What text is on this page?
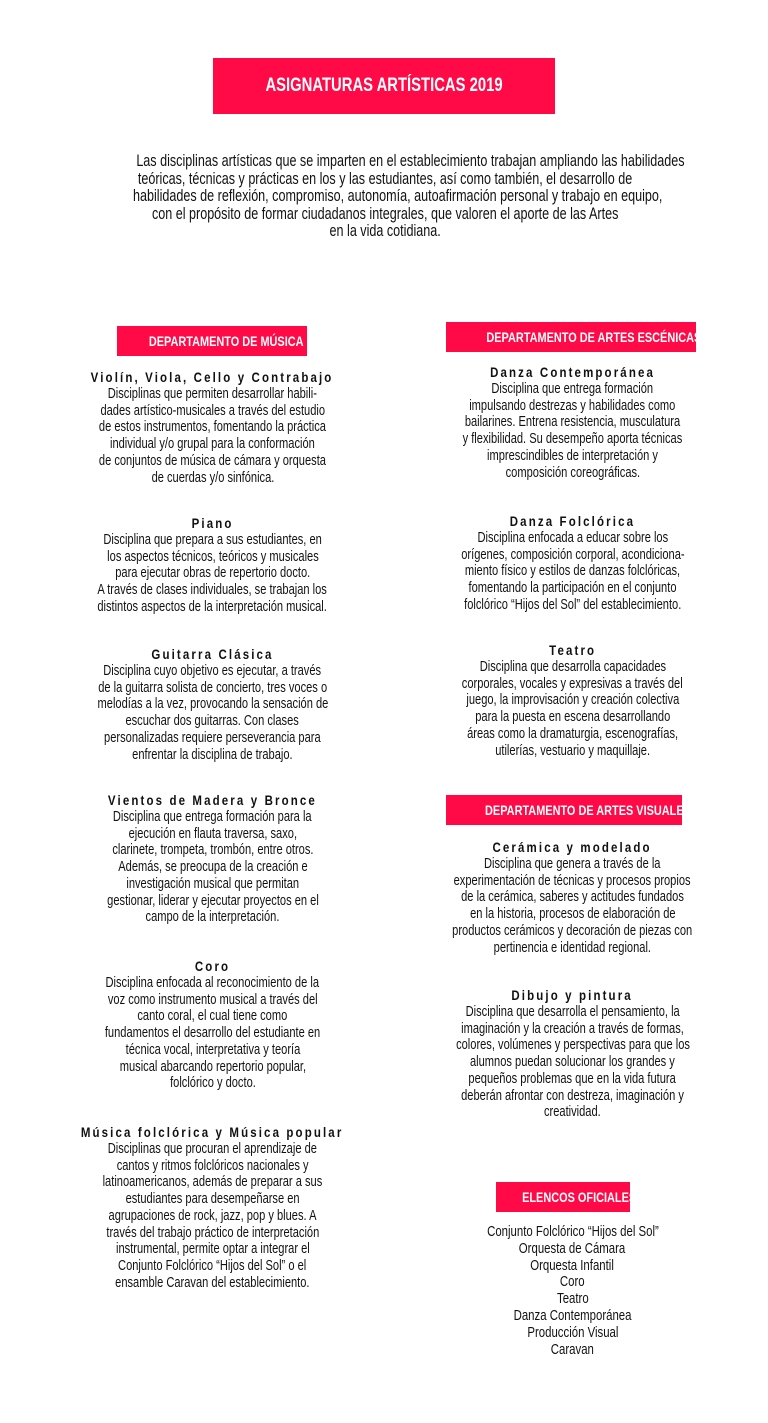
ASIGNATURAS ARTÍSTICAS 2019
Las disciplinas artísticas que se imparten en el establecimiento trabajan ampliando las habilidades
teóricas, técnicas y prácticas en los y las estudiantes, así como también, el desarrollo de
habilidades de reflexión, compromiso, autonomía, autoafirmación personal y trabajo en equipo,
con el propósito de formar ciudadanos integrales, que valoren el aporte de las Artes
en la vida cotidiana.
DEPARTAMENTO DE MÚSICA	DEPARTAMENTO DE ARTES ESCÉNICAS
DEPARTAMENTO DE ARTES VISUALES
ELENCOS OFICIALES
Violín, Viola, Cello y Contrabajo

Disciplinas que permiten desarrollar habili-
dades artístico-musicales a través del estudio
de estos instrumentos, fomentando la práctica
individual y/o grupal para la conformación
de conjuntos de música de cámara y orquesta
de cuerdas y/o sinfónica.

Piano

Disciplina que prepara a sus estudiantes, en
los aspectos técnicos, teóricos y musicales
para ejecutar obras de repertorio docto.
A través de clases individuales, se trabajan los
distintos aspectos de la interpretación musical.

Guitarra Clásica

Disciplina cuyo objetivo es ejecutar, a través
de la guitarra solista de concierto, tres voces o
melodías a la vez, provocando la sensación de
escuchar dos guitarras. Con clases
personalizadas requiere perseverancia para
enfrentar la disciplina de trabajo.

Vientos de Madera y Bronce

Disciplina que entrega formación para la
ejecución en flauta traversa, saxo,
clarinete, trompeta, trombón, entre otros.
Además, se preocupa de la creación e
investigación musical que permitan
gestionar, liderar y ejecutar proyectos en el
campo de la interpretación.

Coro

Disciplina enfocada al reconocimiento de la
voz como instrumento musical a través del
canto coral, el cual tiene como
fundamentos el desarrollo del estudiante en
técnica vocal, interpretativa y teoría
musical abarcando repertorio popular,
folclórico y docto.

Música folclórica y Música popular

Disciplinas que procuran el aprendizaje de
cantos y ritmos folclóricos nacionales y
latinoamericanos, además de preparar a sus
estudiantes para desempeñarse en
agrupaciones de rock, jazz, pop y blues. A
través del trabajo práctico de interpretación
instrumental, permite optar a integrar el
Conjunto Folclórico “Hijos del Sol” o el
ensamble Caravan del establecimiento.

Danza Contemporánea

Disciplina que entrega formación
impulsando destrezas y habilidades como
bailarines. Entrena resistencia, musculatura
y flexibilidad. Su desempeño aporta técnicas
imprescindibles de interpretación y
composición coreográficas.

Danza Folclórica

Disciplina enfocada a educar sobre los
orígenes, composición corporal, acondiciona-
miento físico y estilos de danzas folclóricas,
fomentando la participación en el conjunto
folclórico “Hijos del Sol” del establecimiento.

Teatro

Disciplina que desarrolla capacidades
corporales, vocales y expresivas a través del
juego, la improvisación y creación colectiva
para la puesta en escena desarrollando
áreas como la dramaturgia, escenografías,
utilerías, vestuario y maquillaje.

Cerámica y modelado

Disciplina que genera a través de la
experimentación de técnicas y procesos propios
de la cerámica, saberes y actitudes fundados
en la historia, procesos de elaboración de
productos cerámicos y decoración de piezas con
pertinencia e identidad regional.

Dibujo y pintura

Disciplina que desarrolla el pensamiento, la
imaginación y la creación a través de formas,
colores, volúmenes y perspectivas para que los
alumnos puedan solucionar los grandes y
pequeños problemas que en la vida futura
deberán afrontar con destreza, imaginación y
creatividad.

Conjunto Folclórico “Hijos del Sol”
Orquesta de Cámara
Orquesta Infantil
Coro
Teatro
Danza Contemporánea
Producción Visual
Caravan
